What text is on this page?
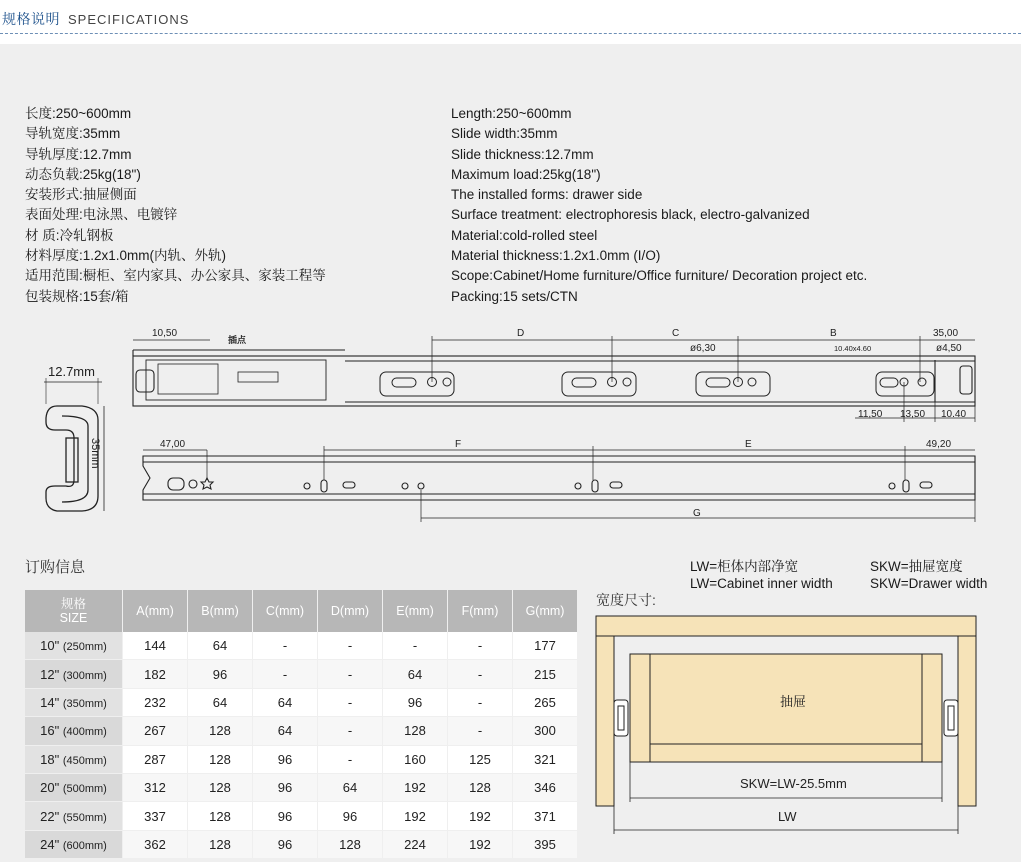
规格说明 SPECIFICATIONS
长度:250~600mm
导轨宽度:35mm
导轨厚度:12.7mm
动态负载:25kg(18")
安装形式:抽屉侧面
表面处理:电泳黑、电镀锌
材 质:冷轧钢板
材料厚度:1.2x1.0mm(内轨、外轨)
适用范围:橱柜、室内家具、办公家具、家装工程等
包装规格:15套/箱
Length:250~600mm
Slide width:35mm
Slide thickness:12.7mm
Maximum load:25kg(18")
The installed forms: drawer side
Surface treatment: electrophoresis black, electro-galvanized
Material:cold-rolled steel
Material thickness:1.2x1.0mm (I/O)
Scope:Cabinet/Home furniture/Office furniture/ Decoration project etc.
Packing:15 sets/CTN
12.7mm
35mm
10,50
插点
D	C	B	35,00
ø6,30	10.40x4.60	ø4,50
11,50 13,50 10.40
47,00	F	E	49,20
G
订购信息
规格
SIZE	A(mm)	B(mm)	C(mm)	D(mm)	E(mm)	F(mm)	G(mm)
10" (250mm)	144	64	-	-	-	-	177
12" (300mm)	182	96	-	-	64	-	215
14" (350mm)	232	64	64	-	96	-	265
16" (400mm)	267	128	64	-	128	-	300
18" (450mm)	287	128	96	-	160	125	321
20" (500mm)	312	128	96	64	192	128	346
22" (550mm)	337	128	96	96	192	192	371
24" (600mm)	362	128	96	128	224	192	395
LW=柜体内部净宽
LW=Cabinet inner width
SKW=抽屉宽度
SKW=Drawer width
宽度尺寸:
抽屉
SKW=LW-25.5mm
LW
